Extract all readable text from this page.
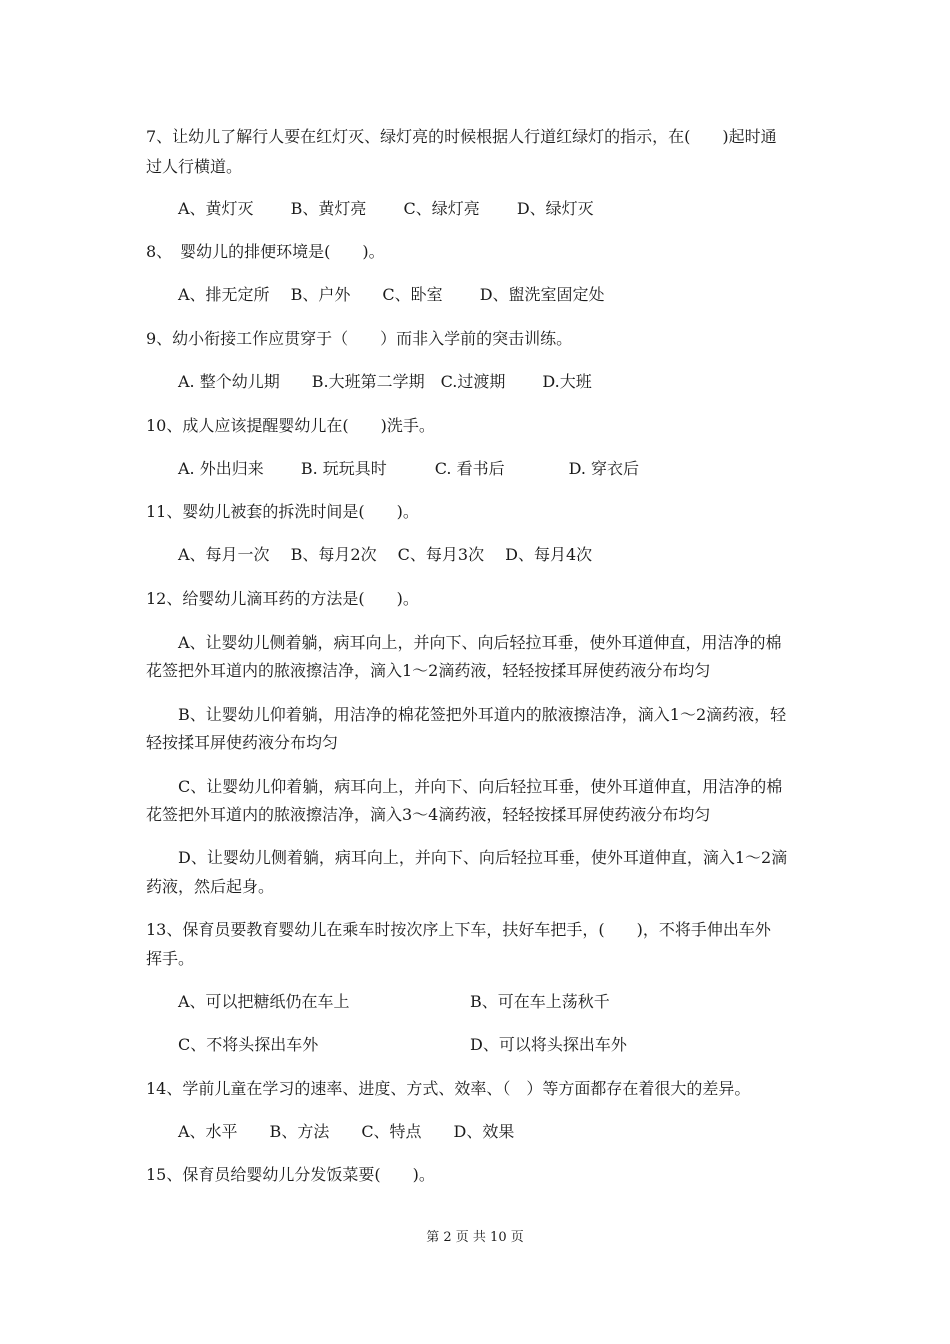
7、让幼儿了解行人要在红灯灭、绿灯亮的时候根据人行道红绿灯的指示，在(　　)起时通
过人行横道。
A、黄灯灭　　 B、黄灯亮　　 C、绿灯亮　　 D、绿灯灭
8、　婴幼儿的排便环境是(　　)。
A、排无定所　 B、户外　　C、卧室　　 D、盥洗室固定处
9、幼小衔接工作应贯穿于（　　）而非入学前的突击训练。
A. 整个幼儿期　　B.大班第二学期　C.过渡期　　 D.大班
10、成人应该提醒婴幼儿在(　　)洗手。
A. 外出归来　　 B. 玩玩具时　　　C. 看书后　　　　D. 穿衣后
11、婴幼儿被套的拆洗时间是(　　)。
A、每月一次　 B、每月2次　 C、每月3次　 D、每月4次
12、给婴幼儿滴耳药的方法是(　　)。
A、让婴幼儿侧着躺，病耳向上，并向下、向后轻拉耳垂，使外耳道伸直，用洁净的棉
花签把外耳道内的脓液擦洁净，滴入1～2滴药液，轻轻按揉耳屏使药液分布均匀
B、让婴幼儿仰着躺，用洁净的棉花签把外耳道内的脓液擦洁净，滴入1～2滴药液，轻
轻按揉耳屏使药液分布均匀
C、让婴幼儿仰着躺，病耳向上，并向下、向后轻拉耳垂，使外耳道伸直，用洁净的棉
花签把外耳道内的脓液擦洁净，滴入3～4滴药液，轻轻按揉耳屏使药液分布均匀
D、让婴幼儿侧着躺，病耳向上，并向下、向后轻拉耳垂，使外耳道伸直，滴入1～2滴
药液，然后起身。
13、保育员要教育婴幼儿在乘车时按次序上下车，扶好车把手，(　　)，不将手伸出车外
挥手。
A、可以把糖纸仍在车上	B、可在车上荡秋千
C、不将头探出车外	D、可以将头探出车外
14、学前儿童在学习的速率、进度、方式、效率、（　）等方面都存在着很大的差异。
A、水平　　B、方法　　C、特点　　D、效果
15、保育员给婴幼儿分发饭菜要(　　)。
第 2 页 共 10 页
